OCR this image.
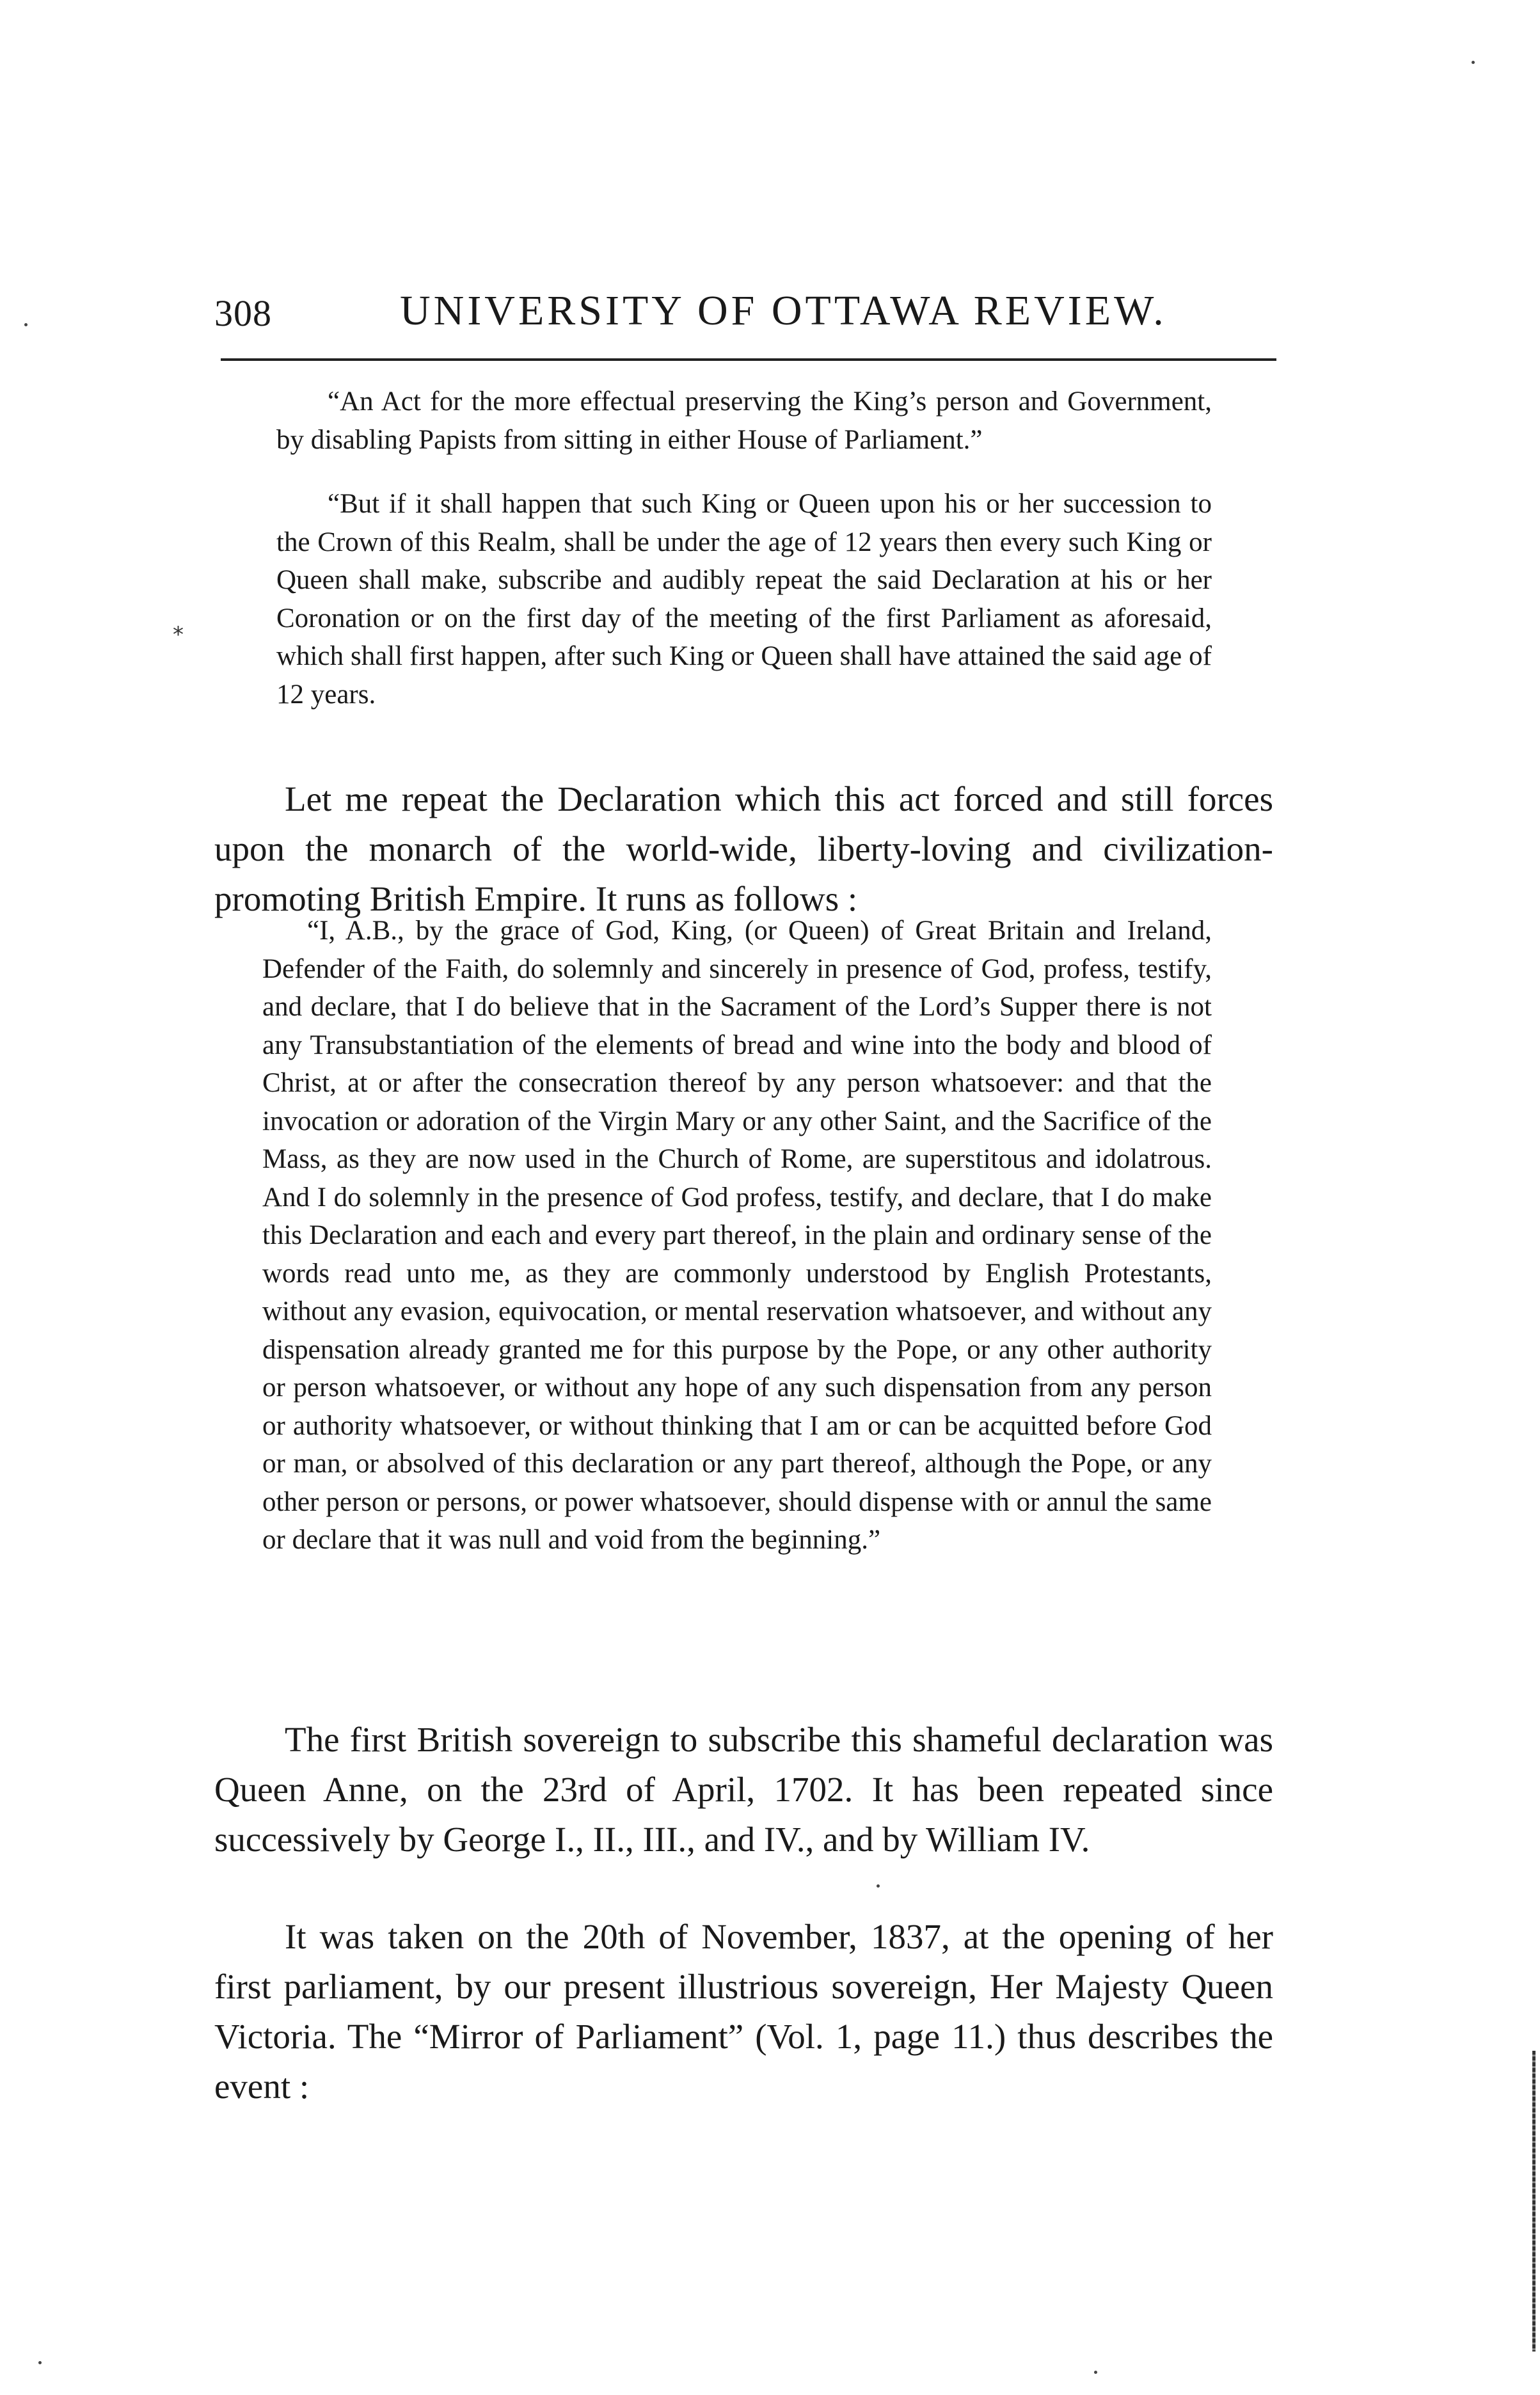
308	UNIVERSITY OF OTTAWA REVIEW.

“An Act for the more effectual preserving the King’s person and Government, by disabling Papists from sitting in either House of Parliament.”

“But if it shall happen that such King or Queen upon his or her succession to the Crown of this Realm, shall be under the age of 12 years then every such King or Queen shall make, subscribe and audibly repeat the said Declaration at his or her Coronation or on the first day of the meeting of the first Parliament as aforesaid, which shall first happen, after such King or Queen shall have attained the said age of 12 years.

*

Let me repeat the Declaration which this act forced and still forces upon the monarch of the world-wide, liberty-loving and civilization-promoting British Empire. It runs as follows :

“I, A.B., by the grace of God, King, (or Queen) of Great Britain and Ireland, Defender of the Faith, do solemnly and sincerely in presence of God, profess, testify, and declare, that I do believe that in the Sacrament of the Lord’s Supper there is not any Transubstantiation of the elements of bread and wine into the body and blood of Christ, at or after the consecration thereof by any person whatsoever: and that the invocation or adoration of the Virgin Mary or any other Saint, and the Sacrifice of the Mass, as they are now used in the Church of Rome, are superstitous and idolatrous. And I do solemnly in the presence of God profess, testify, and declare, that I do make this Declaration and each and every part thereof, in the plain and ordinary sense of the words read unto me, as they are commonly understood by English Protestants, without any evasion, equivocation, or mental reservation whatsoever, and without any dispensation already granted me for this purpose by the Pope, or any other authority or person whatsoever, or without any hope of any such dispensation from any person or authority whatsoever, or without thinking that I am or can be acquitted before God or man, or absolved of this declaration or any part thereof, although the Pope, or any other person or persons, or power whatsoever, should dispense with or annul the same or declare that it was null and void from the beginning.”

The first British sovereign to subscribe this shameful declaration was Queen Anne, on the 23rd of April, 1702. It has been repeated since successively by George I., II., III., and IV., and by William IV.

It was taken on the 20th of November, 1837, at the opening of her first parliament, by our present illustrious sovereign, Her Majesty Queen Victoria. The “Mirror of Parliament” (Vol. 1, page 11.) thus describes the event :
